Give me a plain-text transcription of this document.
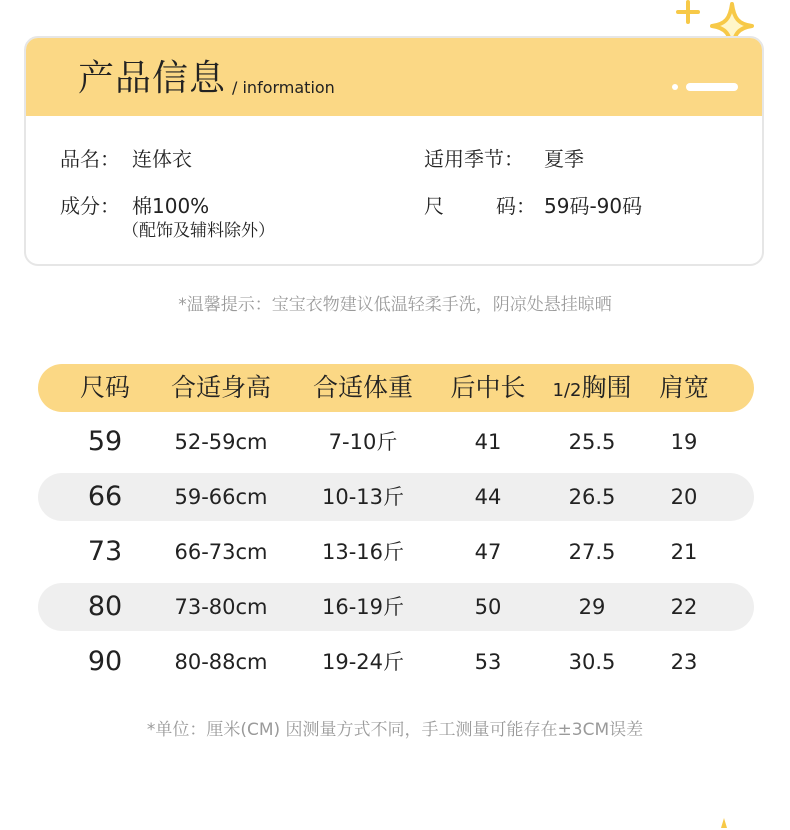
产品信息 / information
品名： 连体衣	适用季节： 夏季
成分： 棉100%
（配饰及辅料除外）
尺	码： 59码-90码
*温馨提示：宝宝衣物建议低温轻柔手洗，阴凉处悬挂晾晒
尺码 合适身高 合适体重 后中长 1/2胸围 肩宽
59 52-59cm	7-10斤	41	25.5	19
66 59-66cm	10-13斤	44	26.5	20
73 66-73cm	13-16斤	47	27.5	21
80 73-80cm	16-19斤	50	29	22
90 80-88cm	19-24斤	53	30.5	23
*单位：厘米(CM) 因测量方式不同，手工测量可能存在±3CM误差
